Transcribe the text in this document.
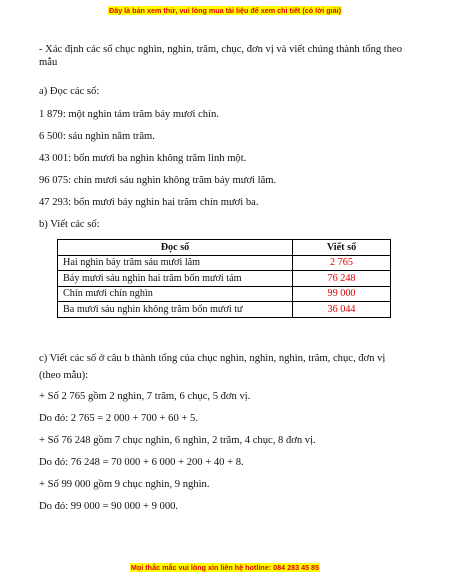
Đây là bản xem thử, vui lòng mua tài liệu để xem chi tiết (có lời giải)

- Xác định các số chục nghìn, nghìn, trăm, chục, đơn vị và viết chúng thành tổng theo mẫu

a) Đọc các số:
1 879: một nghìn tám trăm bảy mươi chín.
6 500: sáu nghìn năm trăm.
43 001: bốn mươi ba nghìn không trăm linh một.
96 075: chín mươi sáu nghìn không trăm bảy mươi lăm.
47 293: bốn mươi bảy nghìn hai trăm chín mươi ba.
b) Viết các số:
Đọc số	Viết số
Hai nghìn bảy trăm sáu mươi lăm	2 765
Bảy mươi sáu nghìn hai trăm bốn mươi tám	76 248
Chín mươi chín nghìn	99 000
Ba mươi sáu nghìn không trăm bốn mươi tư	36 044
c) Viết các số ở câu b thành tổng của chục nghìn, nghìn, nghìn, trăm, chục, đơn vị
(theo mẫu):
+ Số 2 765 gồm 2 nghìn, 7 trăm, 6 chục, 5 đơn vị.
Do đó: 2 765 = 2 000 + 700 + 60 + 5.
+ Số 76 248 gồm 7 chục nghìn, 6 nghìn, 2 trăm, 4 chục, 8 đơn vị.
Do đó: 76 248 = 70 000 + 6 000 + 200 + 40 + 8.
+ Số 99 000 gồm 9 chục nghìn, 9 nghìn.
Do đó: 99 000 = 90 000 + 9 000.
Mọi thắc mắc vui lòng xin liên hệ hotline: 084 283 45 85
